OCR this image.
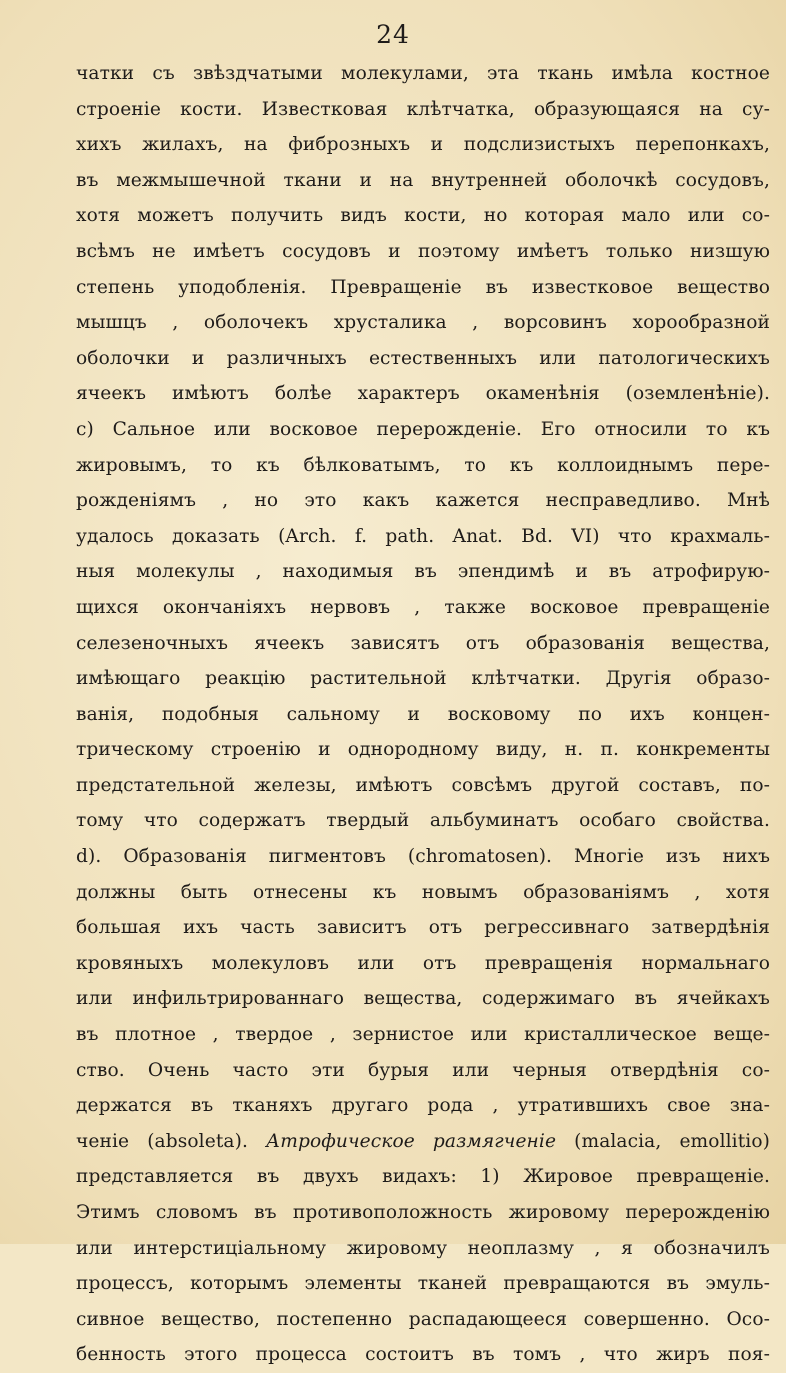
24
чатки съ звѣздчатыми молекулами, эта ткань имѣла костное
строеніе кости. Известковая клѣтчатка, образующаяся на су-
хихъ жилахъ, на фиброзныхъ и подслизистыхъ перепонкахъ,
въ межмышечной ткани и на внутренней оболочкѣ сосудовъ,
хотя можетъ получить видъ кости, но которая мало или со-
всѣмъ не имѣетъ сосудовъ и поэтому имѣетъ только низшую
степень уподобленія. Превращеніе въ известковое вещество
мышцъ , оболочекъ хрусталика , ворсовинъ хорообразной
оболочки и различныхъ естественныхъ или патологическихъ
ячеекъ имѣютъ болѣе характеръ окаменѣнія (оземленѣніе).
c) Сальное или восковое перерожденіе. Его относили то къ
жировымъ, то къ бѣлковатымъ, то къ коллоиднымъ пере-
рожденіямъ , но это какъ кажется несправедливо. Мнѣ
удалось доказать (Arch. f. path. Anat. Bd. VI) что крахмаль-
ныя молекулы , находимыя въ эпендимѣ и въ атрофирую-
щихся окончаніяхъ нервовъ , также восковое превращеніе
селезеночныхъ ячеекъ зависятъ отъ образованія вещества,
имѣющаго реакцію растительной клѣтчатки. Другія образо-
ванія, подобныя сальному и восковому по ихъ концен-
трическому строенію и однородному виду, н. п. конкременты
предстательной железы, имѣютъ совсѣмъ другой составъ, по-
тому что содержатъ твердый альбуминатъ особаго свойства.
d). Образованія пигментовъ (chromatosen). Многіе изъ нихъ
должны быть отнесены къ новымъ образованіямъ , хотя
большая ихъ часть зависитъ отъ регрессивнаго затвердѣнія
кровяныхъ молекуловъ или отъ превращенія нормальнаго
или инфильтрированнаго вещества, содержимаго въ ячейкахъ
въ плотное , твердое , зернистое или кристаллическое веще-
ство. Очень часто эти бурыя или черныя отвердѣнія со-
держатся въ тканяхъ другаго рода , утратившихъ свое зна-
ченіе (absoleta). Атрофическое размягченіе (malacia, emollitio)
представляется въ двухъ видахъ: 1) Жировое превращеніе.
Этимъ словомъ въ противоположность жировому перерожденію
или интерстиціальному жировому неоплазму , я обозначилъ
процессъ, которымъ элементы тканей превращаются въ эмуль-
сивное вещество, постепенно распадающееся совершенно. Осо-
бенность этого процесса состоитъ въ томъ , что жиръ поя-
